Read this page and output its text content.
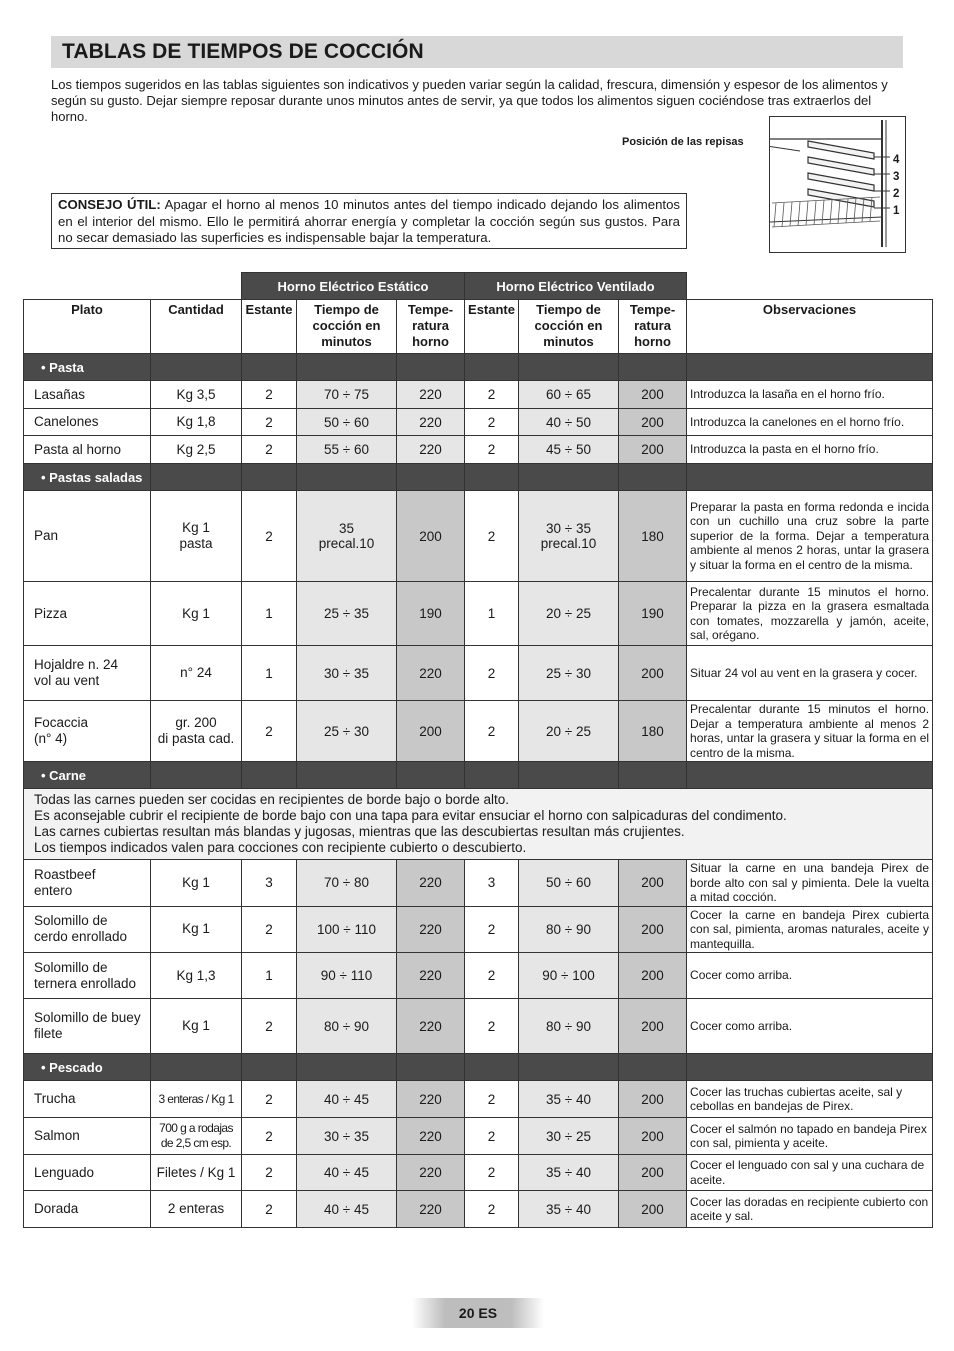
TABLAS DE TIEMPOS DE COCCIÓN

Los tiempos sugeridos en las tablas siguientes son indicativos y pueden variar según la calidad, frescura, dimensión y espesor de los alimentos y según su gusto. Dejar siempre reposar durante unos minutos antes de servir, ya que todos los alimentos siguen cociéndose tras extraerlos del horno.

Posición de las repisas
4
3
2
1
CONSEJO ÚTIL: Apagar el horno al menos 10 minutos antes del tiempo indicado dejando los alimentos en el interior del mismo. Ello le permitirá ahorrar energía y completar la cocción según sus gustos. Para no secar demasiado las superficies es indispensable bajar la temperatura.
		Horno Eléctrico Estático			Horno Eléctrico Ventilado			
Plato	Cantidad	Estante	Tiempo de
cocción en
minutos	Tempe-
ratura
horno	Estante	Tiempo de
cocción en
minutos	Tempe-
ratura
horno	Observaciones
• Pasta								
Lasañas	Kg 3,5	2	70 ÷ 75	220	2	60 ÷ 65	200	Introduzca la lasaña en el horno frío.
Canelones	Kg 1,8	2	50 ÷ 60	220	2	40 ÷ 50	200	Introduzca la canelones en el horno frío.
Pasta al horno	Kg 2,5	2	55 ÷ 60	220	2	45 ÷ 50	200	Introduzca la pasta en el horno frío.
• Pastas saladas								
Pan	Kg 1
pasta	2	35
precal.10	200	2	30 ÷ 35
precal.10	180	Preparar la pasta en forma redonda e incida con un cuchillo una cruz sobre la parte superior de la forma. Dejar a temperatura ambiente al menos 2 horas, untar la grasera y situar la forma en el centro de la misma.
Pizza	Kg 1	1	25 ÷ 35	190	1	20 ÷ 25	190	Precalentar durante 15 minutos el horno. Preparar la pizza en la grasera esmaltada con tomates, mozzarella y jamón, aceite, sal, orégano.
Hojaldre n. 24
vol au vent	n° 24	1	30 ÷ 35	220	2	25 ÷ 30	200	Situar 24 vol au vent en la grasera y cocer.
Focaccia
(n° 4)	gr. 200
di pasta cad.	2	25 ÷ 30	200	2	20 ÷ 25	180	Precalentar durante 15 minutos el horno. Dejar a temperatura ambiente al menos 2 horas, untar la grasera y situar la forma en el centro de la misma.
• Carne								

Todas las carnes pueden ser cocidas en recipientes de borde bajo o borde alto.
Es aconsejable cubrir el recipiente de borde bajo con una tapa para evitar ensuciar el horno con salpicaduras del condimento.
Las carnes cubiertas resultan más blandas y jugosas, mientras que las descubiertas resultan más crujientes.
Los tiempos indicados valen para cocciones con recipiente cubierto o descubierto.								

Roastbeef
entero	Kg 1	3	70 ÷ 80	220	3	50 ÷ 60	200	Situar la carne en una bandeja Pirex de borde alto con sal y pimienta. Dele la vuelta a mitad cocción.
Solomillo de
cerdo enrollado	Kg 1	2	100 ÷ 110	220	2	80 ÷ 90	200	Cocer la carne en bandeja Pirex cubierta con sal, pimienta, aromas naturales, aceite y mantequilla.
Solomillo de
ternera enrollado	Kg 1,3	1	90 ÷ 110	220	2	90 ÷ 100	200	Cocer como arriba.
Solomillo de buey
filete	Kg 1	2	80 ÷ 90	220	2	80 ÷ 90	200	Cocer como arriba.
• Pescado								
Trucha	3 enteras / Kg 1	2	40 ÷ 45	220	2	35 ÷ 40	200	Cocer las truchas cubiertas aceite, sal y cebollas en bandejas de Pirex.
Salmon	700 g a rodajas
de 2,5 cm esp.	2	30 ÷ 35	220	2	30 ÷ 25	200	Cocer el salmón no tapado en bandeja Pirex con sal, pimienta y aceite.
Lenguado	Filetes / Kg 1	2	40 ÷ 45	220	2	35 ÷ 40	200	Cocer el lenguado con sal y una cuchara de aceite.
Dorada	2 enteras	2	40 ÷ 45	220	2	35 ÷ 40	200	Cocer las doradas en recipiente cubierto con aceite y sal.
20 ES
